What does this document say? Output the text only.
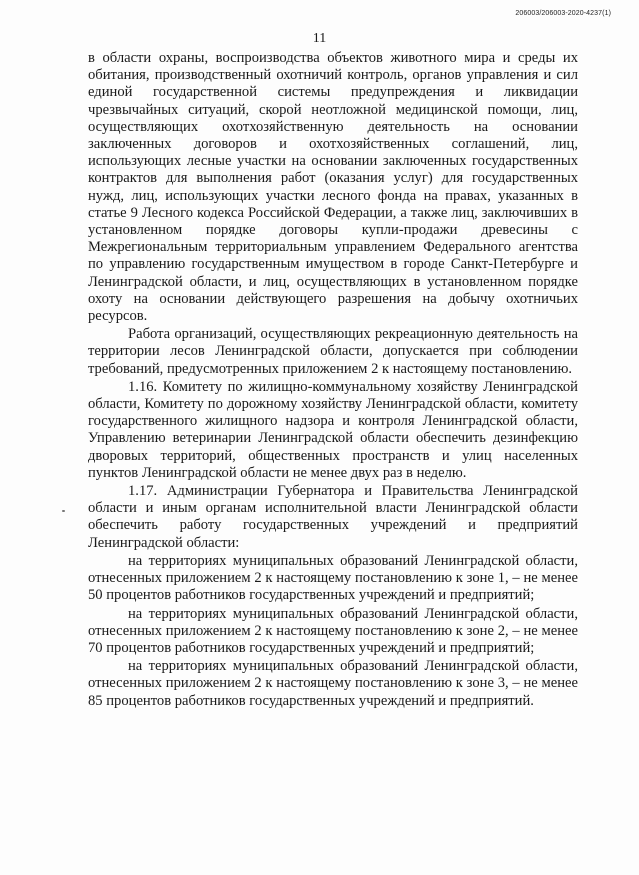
206003/206003-2020-4237(1)
11

в области охраны, воспроизводства объектов животного мира и среды их обитания, производственный охотничий контроль, органов управления и сил единой государственной системы предупреждения и ликвидации чрезвычайных ситуаций, скорой неотложной медицинской помощи, лиц, осуществляющих охотхозяйственную деятельность на основании заключенных договоров и охотхозяйственных соглашений, лиц, использующих лесные участки на основании заключенных государственных контрактов для выполнения работ (оказания услуг) для государственных нужд, лиц, использующих участки лесного фонда на правах, указанных в статье 9 Лесного кодекса Российской Федерации, а также лиц, заключивших в установленном порядке договоры купли-продажи древесины с Межрегиональным территориальным управлением Федерального агентства по управлению государственным имуществом в городе Санкт-Петербурге и Ленинградской области, и лиц, осуществляющих в установленном порядке охоту на основании действующего разрешения на добычу охотничьих ресурсов.

Работа организаций, осуществляющих рекреационную деятельность на территории лесов Ленинградской области, допускается при соблюдении требований, предусмотренных приложением 2 к настоящему постановлению.

1.16. Комитету по жилищно-коммунальному хозяйству Ленинградской области, Комитету по дорожному хозяйству Ленинградской области, комитету государственного жилищного надзора и контроля Ленинградской области, Управлению ветеринарии Ленинградской области обеспечить дезинфекцию дворовых территорий, общественных пространств и улиц населенных пунктов Ленинградской области не менее двух раз в неделю.

1.17. Администрации Губернатора и Правительства Ленинградской области и иным органам исполнительной власти Ленинградской области обеспечить работу государственных учреждений и предприятий Ленинградской области:

на территориях муниципальных образований Ленинградской области, отнесенных приложением 2 к настоящему постановлению к зоне 1, – не менее 50 процентов работников государственных учреждений и предприятий;

на территориях муниципальных образований Ленинградской области, отнесенных приложением 2 к настоящему постановлению к зоне 2, – не менее 70 процентов работников государственных учреждений и предприятий;

на территориях муниципальных образований Ленинградской области, отнесенных приложением 2 к настоящему постановлению к зоне 3, – не менее 85 процентов работников государственных учреждений и предприятий.
